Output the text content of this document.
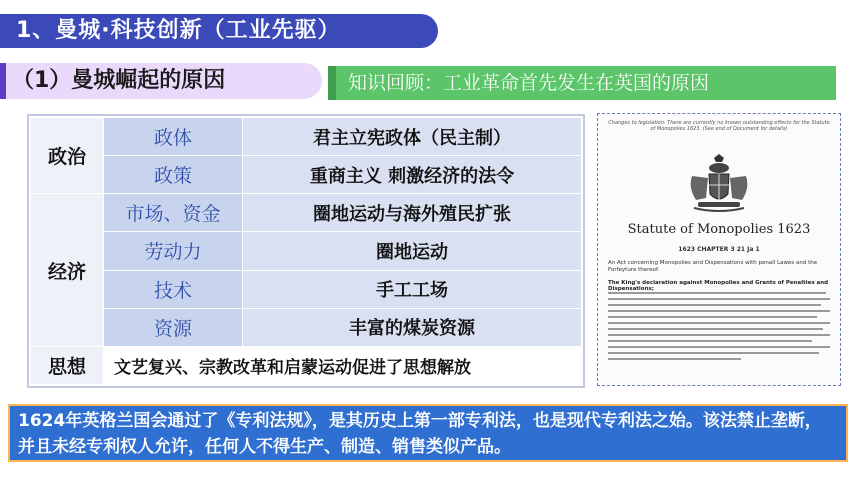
1、曼城·科技创新（工业先驱）
（1）曼城崛起的原因	知识回顾：工业革命首先发生在英国的原因
政治	政体	君主立宪政体（民主制）
	政策	重商主义 刺激经济的法令
经济	市场、资金	圈地运动与海外殖民扩张
	劳动力	圈地运动
	技术	手工工场
	资源	丰富的煤炭资源
思想	文艺复兴、宗教改革和启蒙运动促进了思想解放	
Changes to legislation: There are currently no known outstanding effects for the Statute of Monopolies 1623. (See end of Document for details)
Statute of Monopolies 1623
1623 CHAPTER 3 21 Ja 1
An Act concerning Monopolies and Dispensations with penall Lawes and the Forfeyture thereof.
The King's declaration against Monopolies and Grants of Penalties and Dispensations;
1624年英格兰国会通过了《专利法规》，是其历史上第一部专利法，也是现代专利法之始。该法禁止垄断，并且未经专利权人允许，任何人不得生产、制造、销售类似产品。
